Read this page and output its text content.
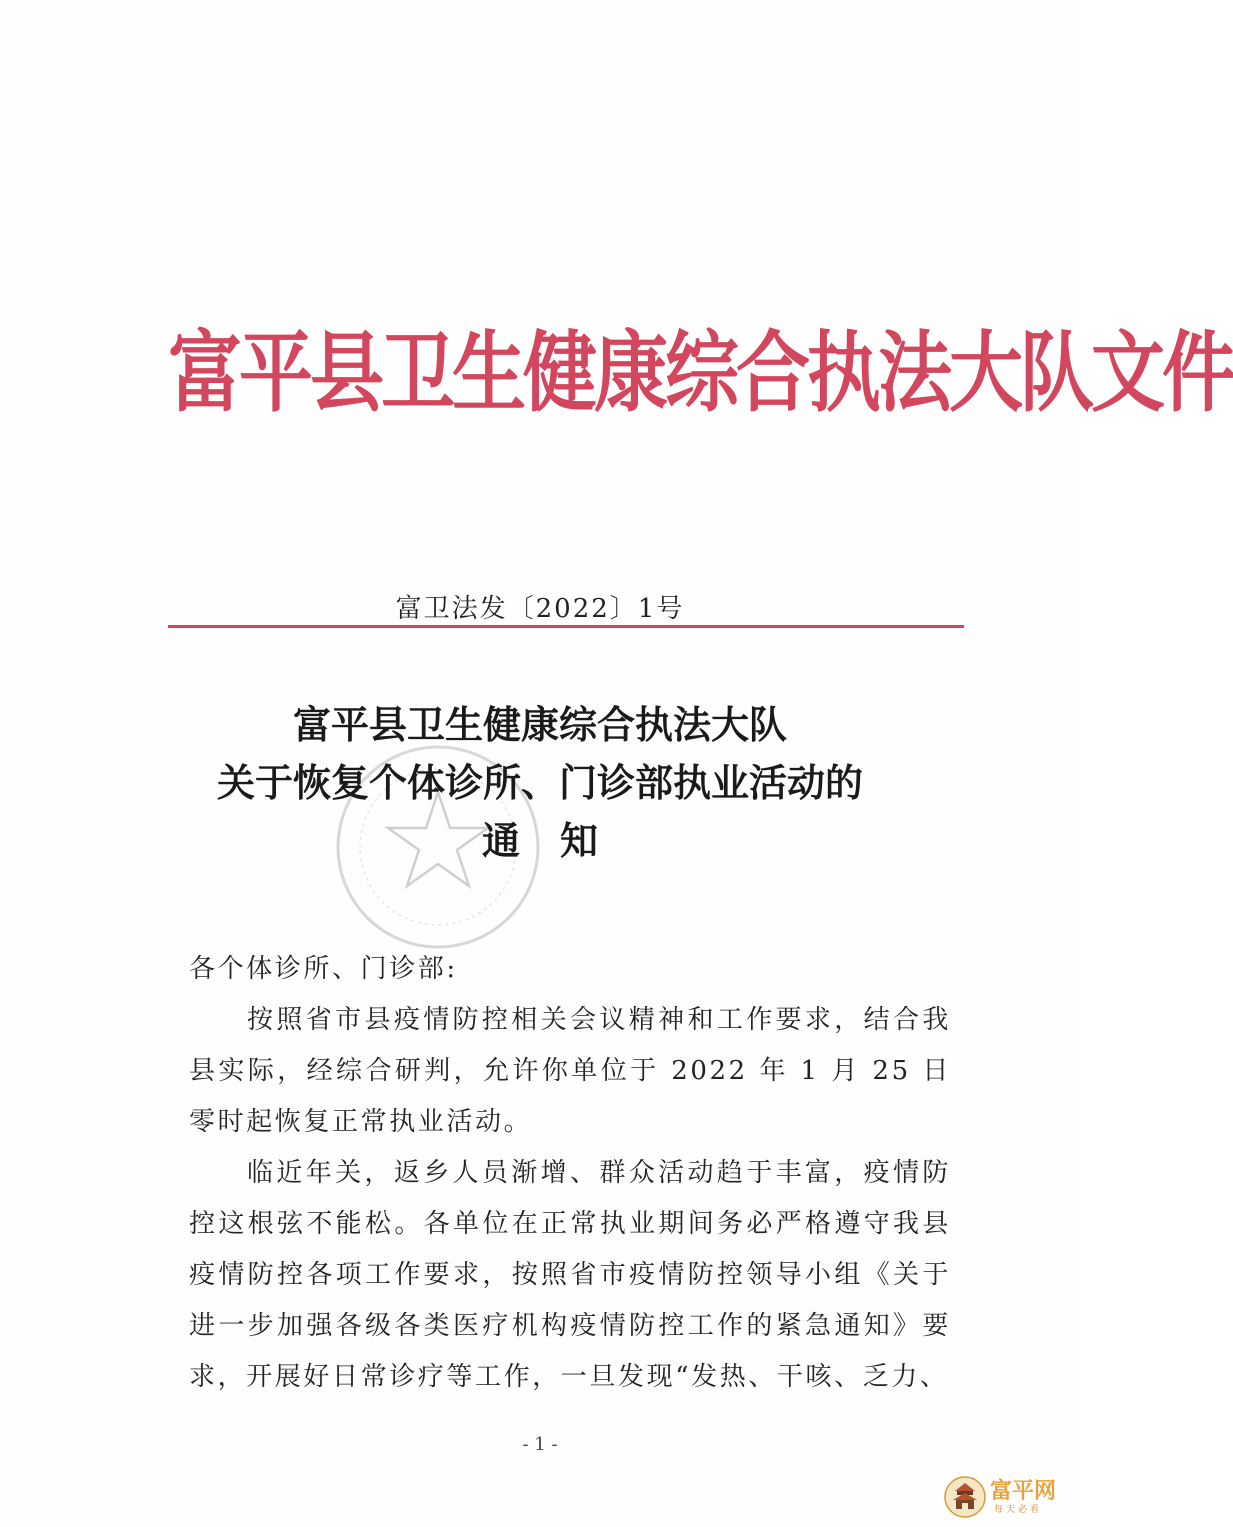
富平县卫生健康综合执法大队文件
富卫法发〔2022〕1号
富平县卫生健康综合执法大队
关于恢复个体诊所、门诊部执业活动的
通知

各个体诊所、门诊部:

按照省市县疫情防控相关会议精神和工作要求，结合我县实际，经综合研判，允许你单位于 2022 年 1 月 25 日零时起恢复正常执业活动。

临近年关，返乡人员渐增、群众活动趋于丰富，疫情防控这根弦不能松。各单位在正常执业期间务必严格遵守我县疫情防控各项工作要求，按照省市疫情防控领导小组《关于进一步加强各级各类医疗机构疫情防控工作的紧急通知》要求，开展好日常诊疗等工作，一旦发现“发热、干咳、乏力、

- 1 -
富平网
每天必看
